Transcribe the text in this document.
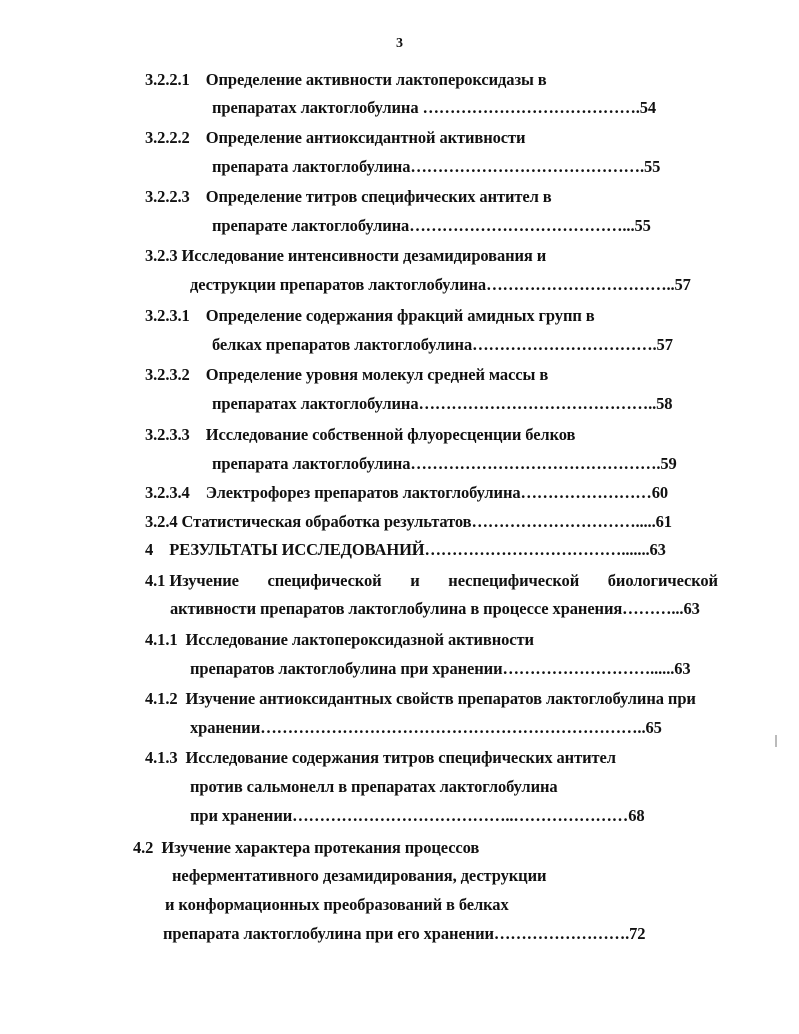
3
3.2.2.1    Определение активности лактопероксидазы в
препаратах лактоглобулина ………………………………….54
3.2.2.2    Определение антиоксидантной активности
препарата лактоглобулина…………………………………….55
3.2.2.3    Определение титров специфических антител в
препарате лактоглобулина…………………………………...55
3.2.3 Исследование интенсивности дезамидирования и
деструкции препаратов лактоглобулина……………………………..57
3.2.3.1    Определение содержания фракций амидных групп в
белках препаратов лактоглобулина…………………………….57
3.2.3.2    Определение уровня молекул средней массы в
препаратах лактоглобулина……………………………………..58
3.2.3.3    Исследование собственной флуоресценции белков
препарата лактоглобулина……………………………………….59
3.2.3.4    Электрофорез препаратов лактоглобулина……………………60
3.2.4 Статистическая обработка результатов………………………….....61
4    РЕЗУЛЬТАТЫ ИССЛЕДОВАНИЙ……………………………….......63
4.1 Изучение специфической и неспецифической биологической
активности препаратов лактоглобулина в процессе хранения………...63
4.1.1  Исследование лактопероксидазной активности
препаратов лактоглобулина при хранении………………………......63
4.1.2  Изучение антиоксидантных свойств препаратов лактоглобулина при
хранении……………………………………………………………..65
4.1.3  Исследование содержания титров специфических антител
против сальмонелл в препаратах лактоглобулина
при хранении…………………………………..…………………68
4.2  Изучение характера протекания процессов
неферментативного дезамидирования, деструкции
и конформационных преобразований в белках
препарата лактоглобулина при его хранении…………………….72
